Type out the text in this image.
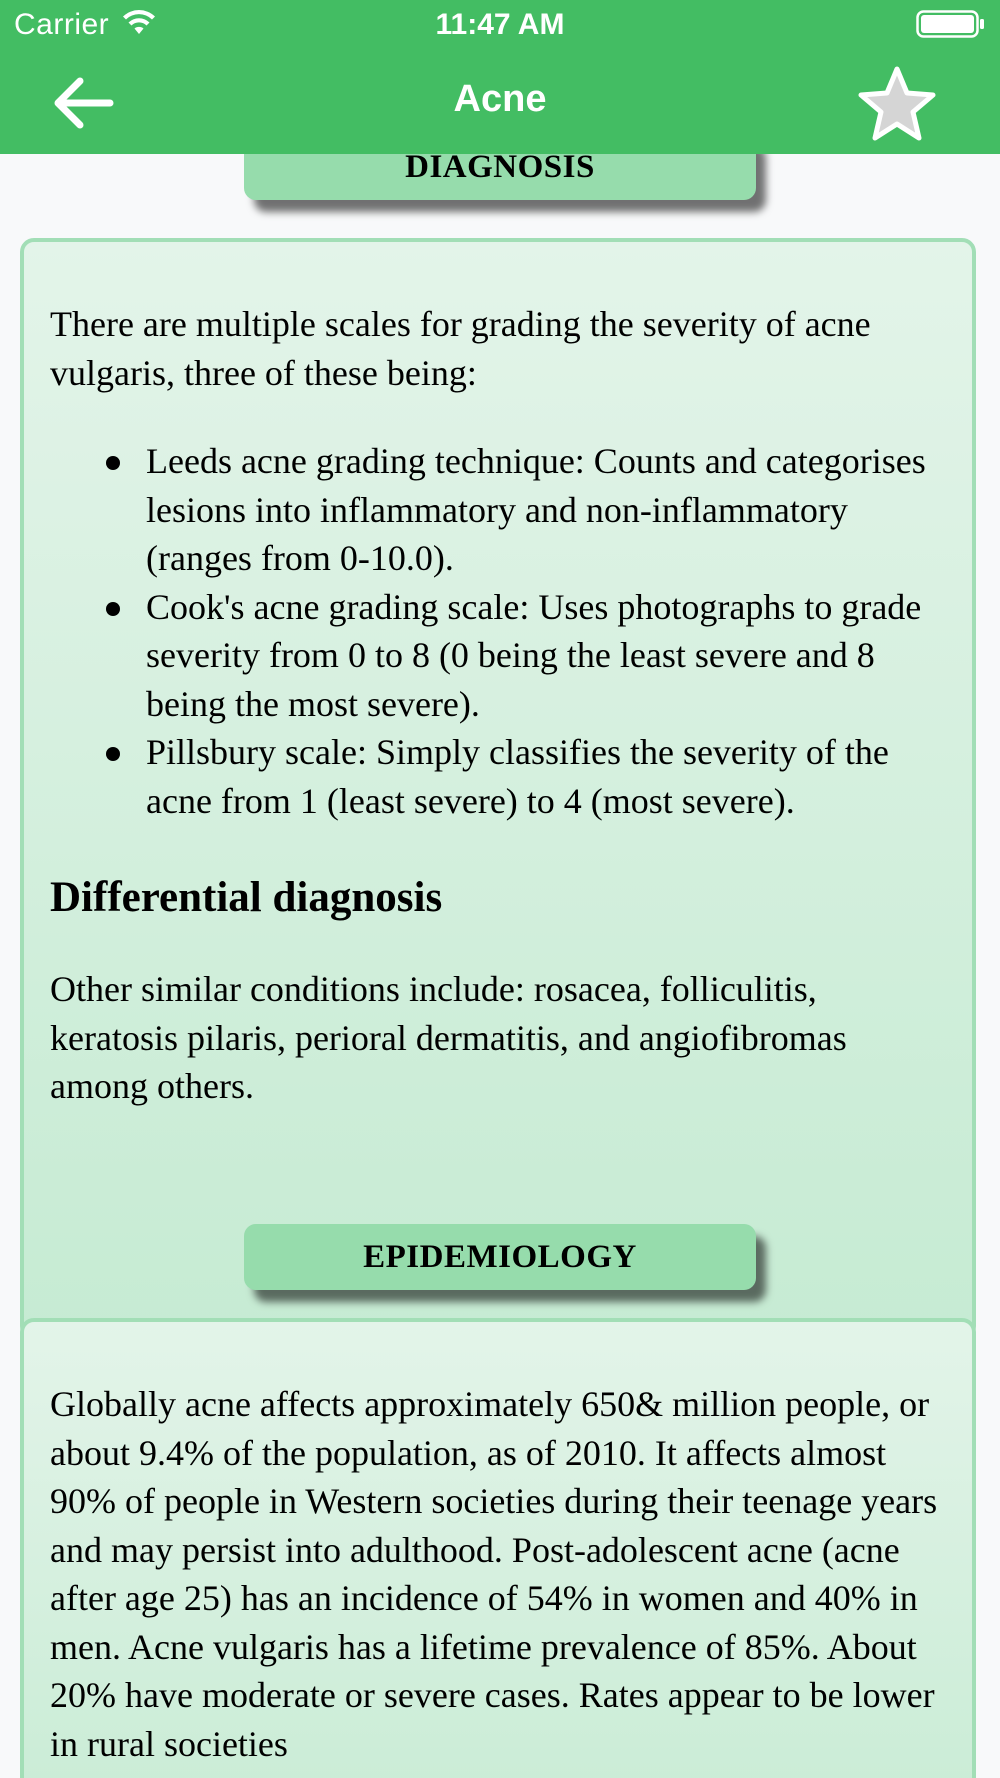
Carrier	11:47 AM
Acne
DIAGNOSIS

There are multiple scales for grading the severity of acne vulgaris, three of these being:

Leeds acne grading technique: Counts and categorises lesions into inflammatory and non-inflammatory (ranges from 0-10.0).
Cook's acne grading scale: Uses photographs to grade severity from 0 to 8 (0 being the least severe and 8 being the most severe).
Pillsbury scale: Simply classifies the severity of the acne from 1 (least severe) to 4 (most severe).
Differential diagnosis

Other similar conditions include: rosacea, folliculitis, keratosis pilaris, perioral dermatitis, and angiofibromas among others.

EPIDEMIOLOGY

Globally acne affects approximately 650& million people, or about 9.4% of the population, as of 2010. It affects almost 90% of people in Western societies during their teenage years and may persist into adulthood. Post-adolescent acne (acne after age 25) has an incidence of 54% in women and 40% in men. Acne vulgaris has a lifetime prevalence of 85%. About 20% have moderate or severe cases. Rates appear to be lower in rural societies
